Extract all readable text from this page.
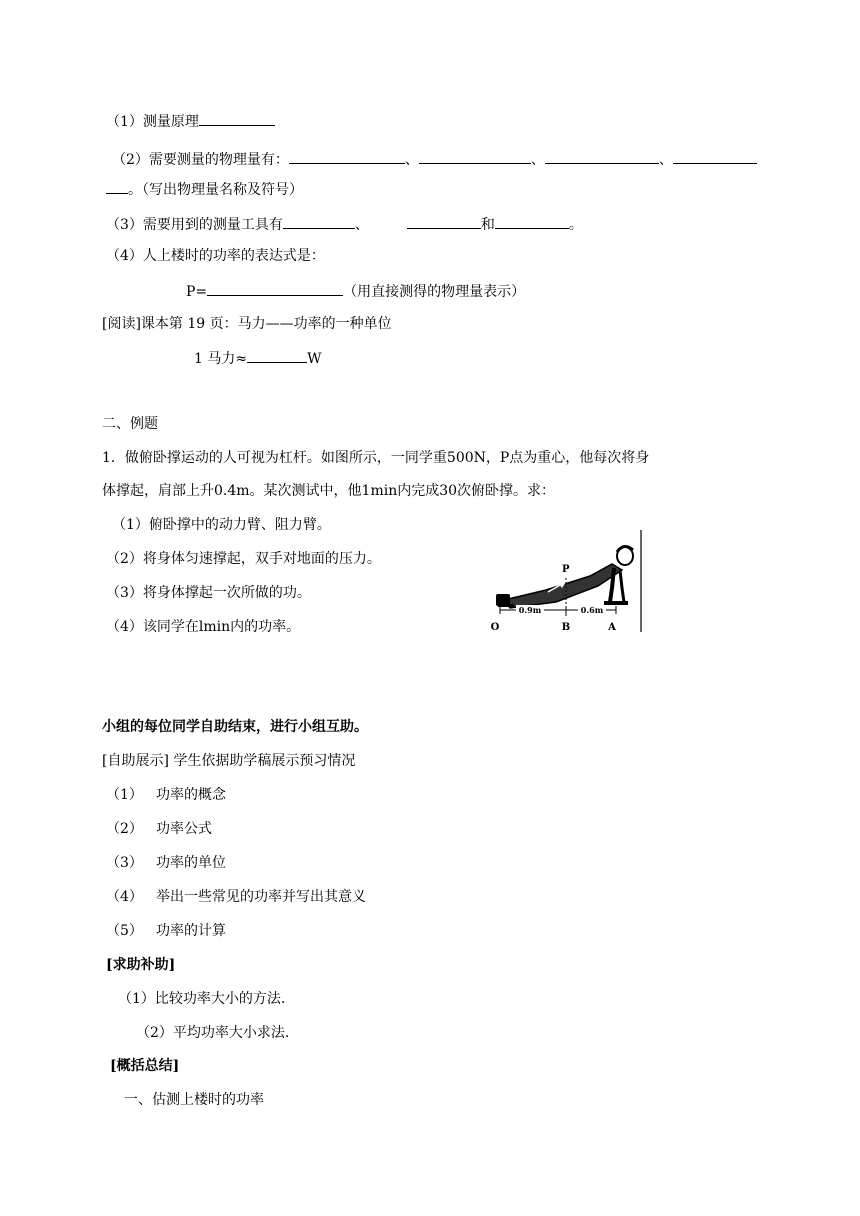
（1）测量原理
（2）需要测量的物理量有：	、	、	、
。（写出物理量名称及符号）
（3）需要用到的测量工具有	、	和	。
（4）人上楼时的功率的表达式是：
P=	（用直接测得的物理量表示）
[阅读]课本第 19 页：马力——功率的一种单位
1 马力≈	W
二、例题
1．做俯卧撑运动的人可视为杠杆。如图所示，一同学重500N，P点为重心，他每次将身
体撑起，肩部上升0.4m。某次测试中，他1min内完成30次俯卧撑。求：
（1）俯卧撑中的动力臂、阻力臂。
（2）将身体匀速撑起，双手对地面的压力。
（3）将身体撑起一次所做的功。
（4）该同学在lmin内的功率。
0.9m	0.6m
P
O	B	A
小组的每位同学自助结束，进行小组互助。
[自助展示] 学生依据助学稿展示预习情况
（1） 功率的概念
（2） 功率公式
（3） 功率的单位
（4） 举出一些常见的功率并写出其意义
（5） 功率的计算
[求助补助]
（1）比较功率大小的方法.
（2）平均功率大小求法.
[概括总结]
一、估测上楼时的功率
